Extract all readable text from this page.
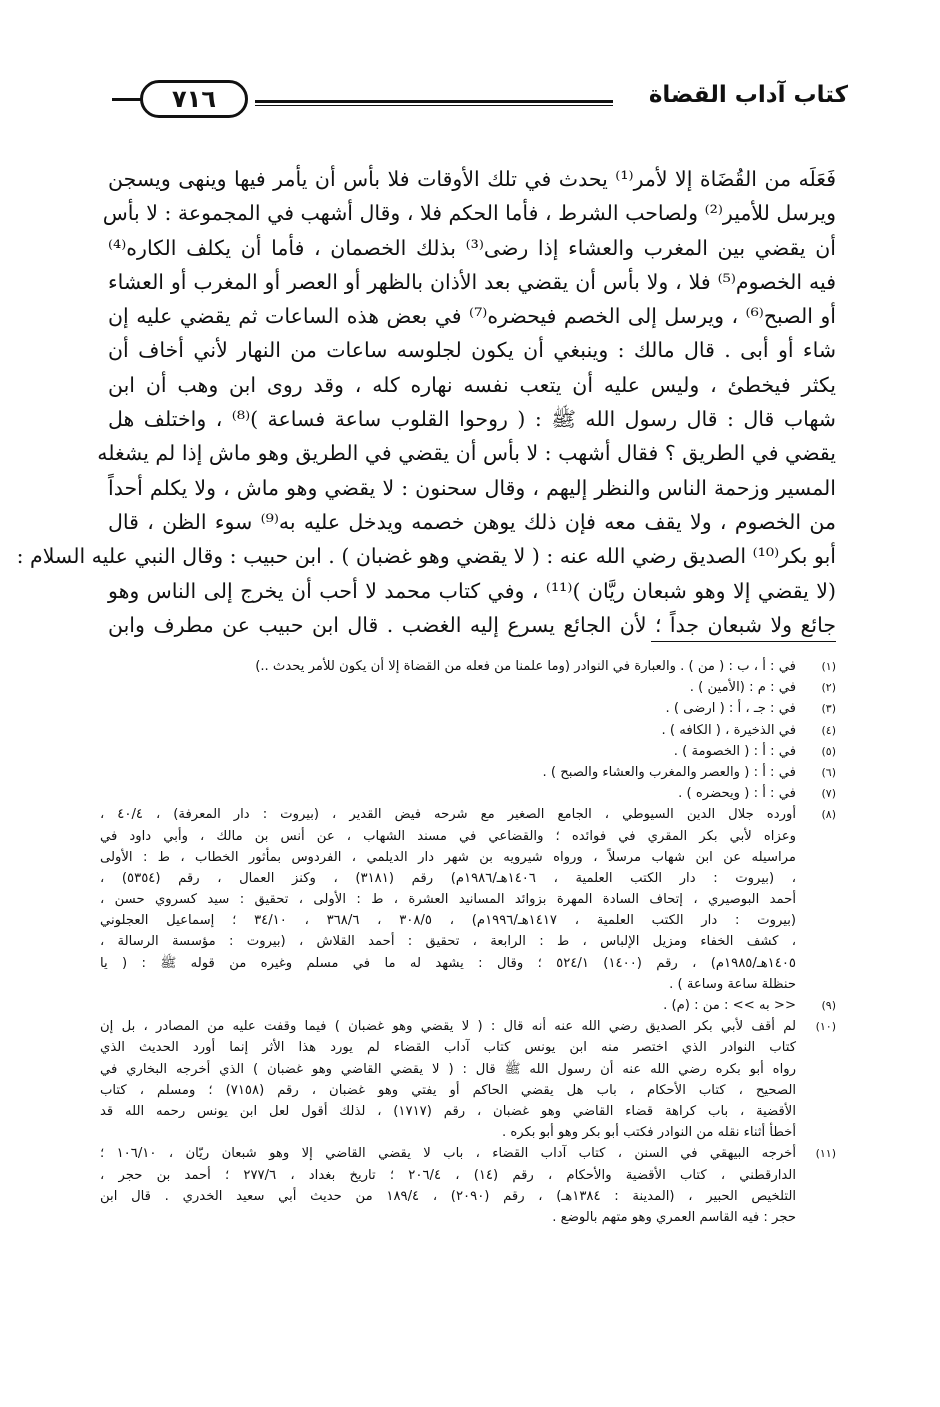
كتاب آداب القضاة
٧١٦
فَعَلَه من القُضَاة إلا لأمر⁽¹⁾ يحدث في تلك الأوقات فلا بأس أن يأمر فيها وينهى ويسجن
ويرسل للأمير⁽²⁾ ولصاحب الشرط ، فأما الحكم فلا ، وقال أشهب في المجموعة : لا بأس
أن يقضي بين المغرب والعشاء إذا رضى⁽³⁾ بذلك الخصمان ، فأما أن يكلف الكاره⁽⁴⁾
فيه الخصوم⁽⁵⁾ فلا ، ولا بأس أن يقضي بعد الأذان بالظهر أو العصر أو المغرب أو العشاء
أو الصبح⁽⁶⁾ ، ويرسل إلى الخصم فيحضره⁽⁷⁾ في بعض هذه الساعات ثم يقضي عليه إن
شاء أو أبى . قال مالك : وينبغي أن يكون لجلوسه ساعات من النهار لأني أخاف أن
يكثر فيخطئ ، وليس عليه أن يتعب نفسه نهاره كله ، وقد روى ابن وهب أن ابن
شهاب قال : قال رسول الله ﷺ : ( روحوا القلوب ساعة فساعة )⁽⁸⁾ ، واختلف هل
يقضي في الطريق ؟ فقال أشهب : لا بأس أن يقضي في الطريق وهو ماش إذا لم يشغله
المسير وزحمة الناس والنظر إليهم ، وقال سحنون : لا يقضي وهو ماش ، ولا يكلم أحداً
من الخصوم ، ولا يقف معه فإن ذلك يوهن خصمه ويدخل عليه به⁽⁹⁾ سوء الظن ، قال
أبو بكر⁽¹⁰⁾ الصديق رضي الله عنه : ( لا يقضي وهو غضبان ) . ابن حبيب : وقال النبي عليه السلام :
(لا يقضي إلا وهو شبعان ريَّان )⁽¹¹⁾ ، وفي كتاب محمد لا أحب أن يخرج إلى الناس وهو
جائع ولا شبعان جداً ؛ لأن الجائع يسرع إليه الغضب . قال ابن حبيب عن مطرف وابن
(١)
في : أ ، ب : ( من ) . والعبارة في النوادر (وما علمنا من فعله من القضاة إلا أن يكون للأمر يحدث ..)
(٢)
في : م : (الأمين ) .
(٣)
في : جـ ، أ : ( ارضى ) .
(٤)
في الذخيرة ، ( الكافه ) .
(٥)
في : أ : ( الخصومة ) .
(٦)
في : أ : ( والعصر والمغرب والعشاء والصبح ) .
(٧)
في : أ : ( ويحضره ) .
(٨)
أورده جلال الدين السيوطي ، الجامع الصغير مع شرحه فيض القدير ، (بيروت : دار المعرفة) ، ٤٠/٤ ،
وعزاه لأبي بكر المقري في فوائده ؛ والقضاعي في مسند الشهاب ، عن أنس بن مالك ، وأبي داود في
مراسيله عن ابن شهاب مرسلاً ، ورواه شيرويه بن شهر دار الديلمي ، الفردوس بمأثور الخطاب ، ط : الأولى
، (بيروت : دار الكتب العلمية ، ١٤٠٦هـ/١٩٨٦م) رقم (٣١٨١) ، وكنز العمال ، رقم (٥٣٥٤) ،
أحمد البوصيري ، إتحاف السادة المهرة بزوائد المسانيد العشرة ، ط : الأولى ، تحقيق : سيد كسروي حسن ،
(بيروت : دار الكتب العلمية ، ١٤١٧هـ/١٩٩٦م) ، ٣٠٨/٥ ، ٣٦٨/٦ ، ٣٤/١٠ ؛ إسماعيل العجلوني
، كشف الخفاء ومزيل الإلباس ، ط : الرابعة ، تحقيق : أحمد القلاش ، (بيروت : مؤسسة الرسالة ،
١٤٠٥هـ/١٩٨٥م) ، رقم (١٤٠٠) ٥٢٤/١ ؛ وقال : يشهد له ما في مسلم وغيره من قوله ﷺ : ( يا
حنظلة ساعة وساعة ) .
(٩)
<< به >> : من : (م) .
(١٠)
لم أقف لأبي بكر الصديق رضي الله عنه أنه قال : ( لا يقضي وهو غضبان ) فيما وقفت عليه من المصادر ، بل إن
كتاب النوادر الذي اختصر منه ابن يونس كتاب آداب القضاء لم يورد هذا الأثر إنما أورد الحديث الذي
رواه أبو بكره رضي الله عنه أن رسول الله ﷺ قال : ( لا يقضي القاضي وهو غضبان ) الذي أخرجه البخاري في
الصحيح ، كتاب الأحكام ، باب هل يقضي الحاكم أو يفتي وهو غضبان ، رقم (٧١٥٨) ؛ ومسلم ، كتاب
الأقضية ، باب كراهة قضاء القاضي وهو غضبان ، رقم (١٧١٧) ، لذلك أقول لعل ابن يونس رحمه الله قد
أخطأ أثناء نقله من النوادر فكتب أبو بكر وهو أبو بكره .
(١١)
أخرجه البيهقي في السنن ، كتاب آداب القضاء ، باب لا يقضي القاضي إلا وهو شبعان ريّان ، ١٠٦/١٠ ؛
الدارقطني ، كتاب الأقضية والأحكام ، رقم (١٤) ، ٢٠٦/٤ ؛ تاريخ بغداد ، ٢٧٧/٦ ؛ أحمد بن حجر ،
التلخيص الحبير ، (المدينة : ١٣٨٤هـ) ، رقم (٢٠٩٠) ، ١٨٩/٤ من حديث أبي سعيد الخدري . قال ابن
حجر : فيه القاسم العمري وهو متهم بالوضع .
